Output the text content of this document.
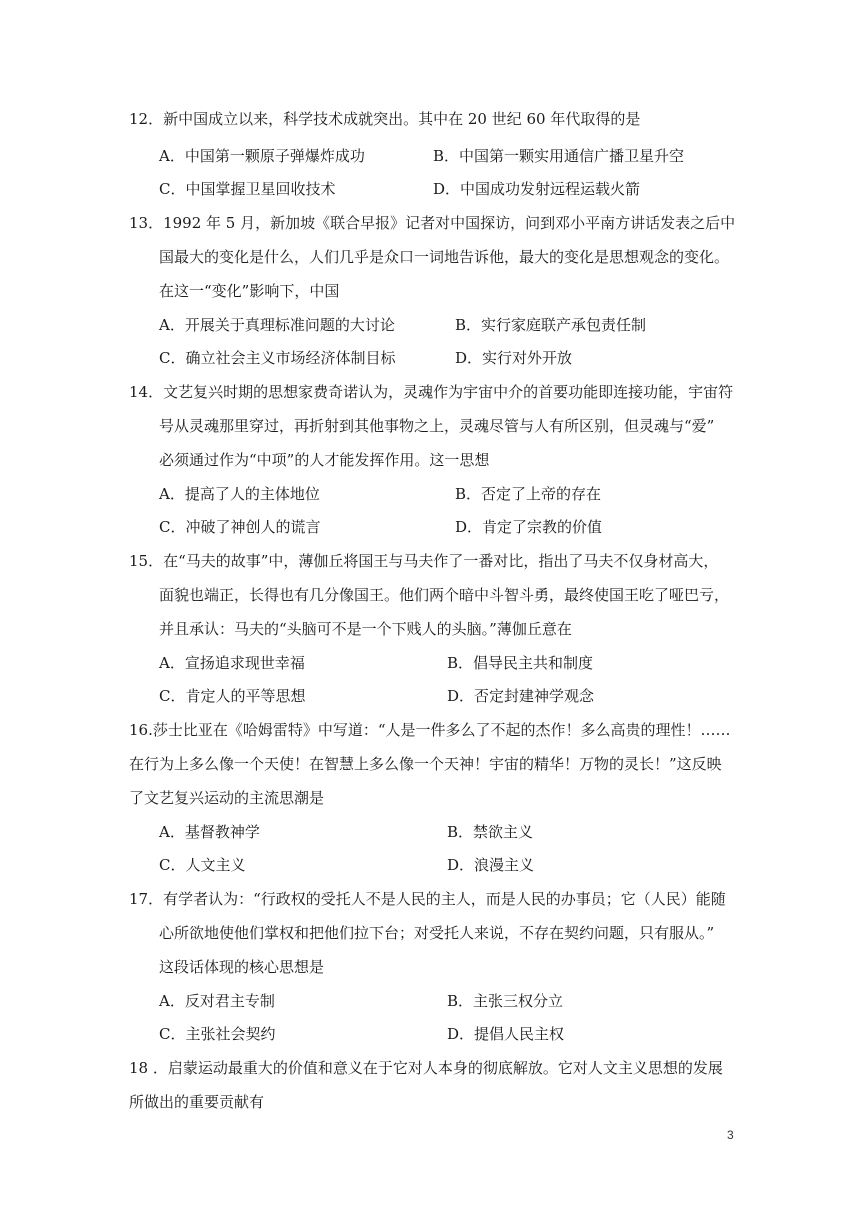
12．新中国成立以来，科学技术成就突出。其中在 20 世纪 60 年代取得的是
A．中国第一颗原子弹爆炸成功	B．中国第一颗实用通信广播卫星升空
C．中国掌握卫星回收技术	D．中国成功发射远程运载火箭
13．1992 年 5 月，新加坡《联合早报》记者对中国探访，问到邓小平南方讲话发表之后中
国最大的变化是什么，人们几乎是众口一词地告诉他，最大的变化是思想观念的变化。
在这一“变化”影响下，中国
A．开展关于真理标准问题的大讨论	B．实行家庭联产承包责任制
C．确立社会主义市场经济体制目标	D．实行对外开放
14．文艺复兴时期的思想家费奇诺认为，灵魂作为宇宙中介的首要功能即连接功能，宇宙符
号从灵魂那里穿过，再折射到其他事物之上，灵魂尽管与人有所区别，但灵魂与“爱”
必须通过作为“中项”的人才能发挥作用。这一思想
A．提高了人的主体地位	B．否定了上帝的存在
C．冲破了神创人的谎言	D．肯定了宗教的价值
15．在“马夫的故事”中，薄伽丘将国王与马夫作了一番对比，指出了马夫不仅身材高大，
面貌也端正，长得也有几分像国王。他们两个暗中斗智斗勇，最终使国王吃了哑巴亏，
并且承认：马夫的“头脑可不是一个下贱人的头脑。”薄伽丘意在
A．宣扬追求现世幸福	B．倡导民主共和制度
C．肯定人的平等思想	D．否定封建神学观念
16.莎士比亚在《哈姆雷特》中写道：“人是一件多么了不起的杰作！多么高贵的理性！……
在行为上多么像一个天使！在智慧上多么像一个天神！宇宙的精华！万物的灵长！”这反映
了文艺复兴运动的主流思潮是
A．基督教神学	B．禁欲主义
C．人文主义	D．浪漫主义
17．有学者认为：“行政权的受托人不是人民的主人，而是人民的办事员；它（人民）能随
心所欲地使他们掌权和把他们拉下台；对受托人来说，不存在契约问题，只有服从。”
这段话体现的核心思想是
A．反对君主专制	B．主张三权分立
C．主张社会契约	D．提倡人民主权
18 ．启蒙运动最重大的价值和意义在于它对人本身的彻底解放。它对人文主义思想的发展
所做出的重要贡献有
3
